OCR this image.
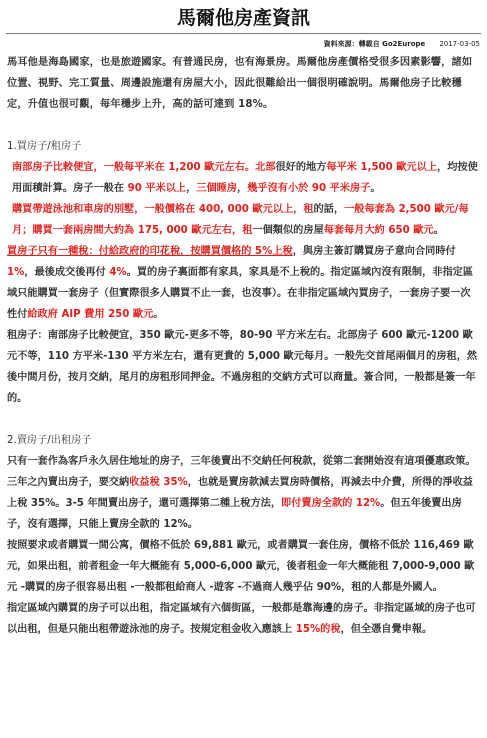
馬爾他房產資訊
資料來源：轉載自 Go2Europe 2017-03-05

馬耳他是海島國家，也是旅遊國家。有普通民房，也有海景房。馬爾他房產價格受很多因素影響，諸如位置、視野、完工質量、周邊設施還有房屋大小，因此很難給出一個很明確說明。馬爾他房子比較穩定，升值也很可觀，每年穩步上升，高的話可達到 18%。

1.買房子/租房子

南部房子比較便宜，一般每平米在 1,200 歐元左右。北部很好的地方每平米 1,500 歐元以上，均按使用面積計算。房子一般在 90 平米以上，三個睡房，幾乎沒有小於 90 平米房子。

購買帶遊泳池和車房的別墅，一般價格在 400, 000 歐元以上，租的話，一般每套為 2,500 歐元/每　月；購買一套兩房間大約為 175, 000 歐元左右，租一個類似的房屋每套每月大約 650 歐元。

買房子只有一種稅：付給政府的印花稅，按購買價格的 5%上稅，與房主簽訂購買房子意向合同時付 1%，最後成交後再付 4%。買的房子裏面都有家具，家具是不上稅的。指定區域內沒有限制，非指定區域只能購買一套房子（但實際很多人購買不止一套，也沒事）。在非指定區域內買房子，一套房子要一次性付給政府 AIP 費用 250 歐元。

租房子：南部房子比較便宜，350 歐元-更多不等，80-90 平方米左右。北部房子 600 歐元-1200 歐元不等，110 方平米-130 平方米左右，還有更貴的 5,000 歐元每月。一般先交首尾兩個月的房租，然後中間月份，按月交納，尾月的房租形同押金。不過房租的交納方式可以商量。簽合同，一般都是簽一年的。

2.賣房子/出租房子

只有一套作為客戶永久居住地址的房子，三年後賣出不交納任何稅款，從第二套開始沒有這項優惠政策。 三年之內賣出房子，要交納收益稅 35%，也就是賣房款減去買房時價格，再減去中介費，所得的淨收益上稅 35%。3-5 年間賣出房子，還可選擇第二種上稅方法，即付賣房全款的 12%。但五年後賣出房子，沒有選擇，只能上賣房全款的 12%。

按照要求或者購買一間公寓，價格不低於 69,881 歐元，或者購買一套住房，價格不低於 116,469 歐元，如果出租，前者租金一年大概能有 5,000-6,000 歐元，後者租金一年大概能租 7,000-9,000 歐元 -購買的房子很容易出租 -一般都租給商人 -遊客 -不過商人幾乎佔 90%，租的人都是外國人。

指定區域內購買的房子可以出租，指定區域有六個街區，一般都是靠海邊的房子。非指定區域的房子也可以出租，但是只能出租帶遊泳池的房子。按規定租金收入應該上 15%的稅，但全憑自覺申報。
